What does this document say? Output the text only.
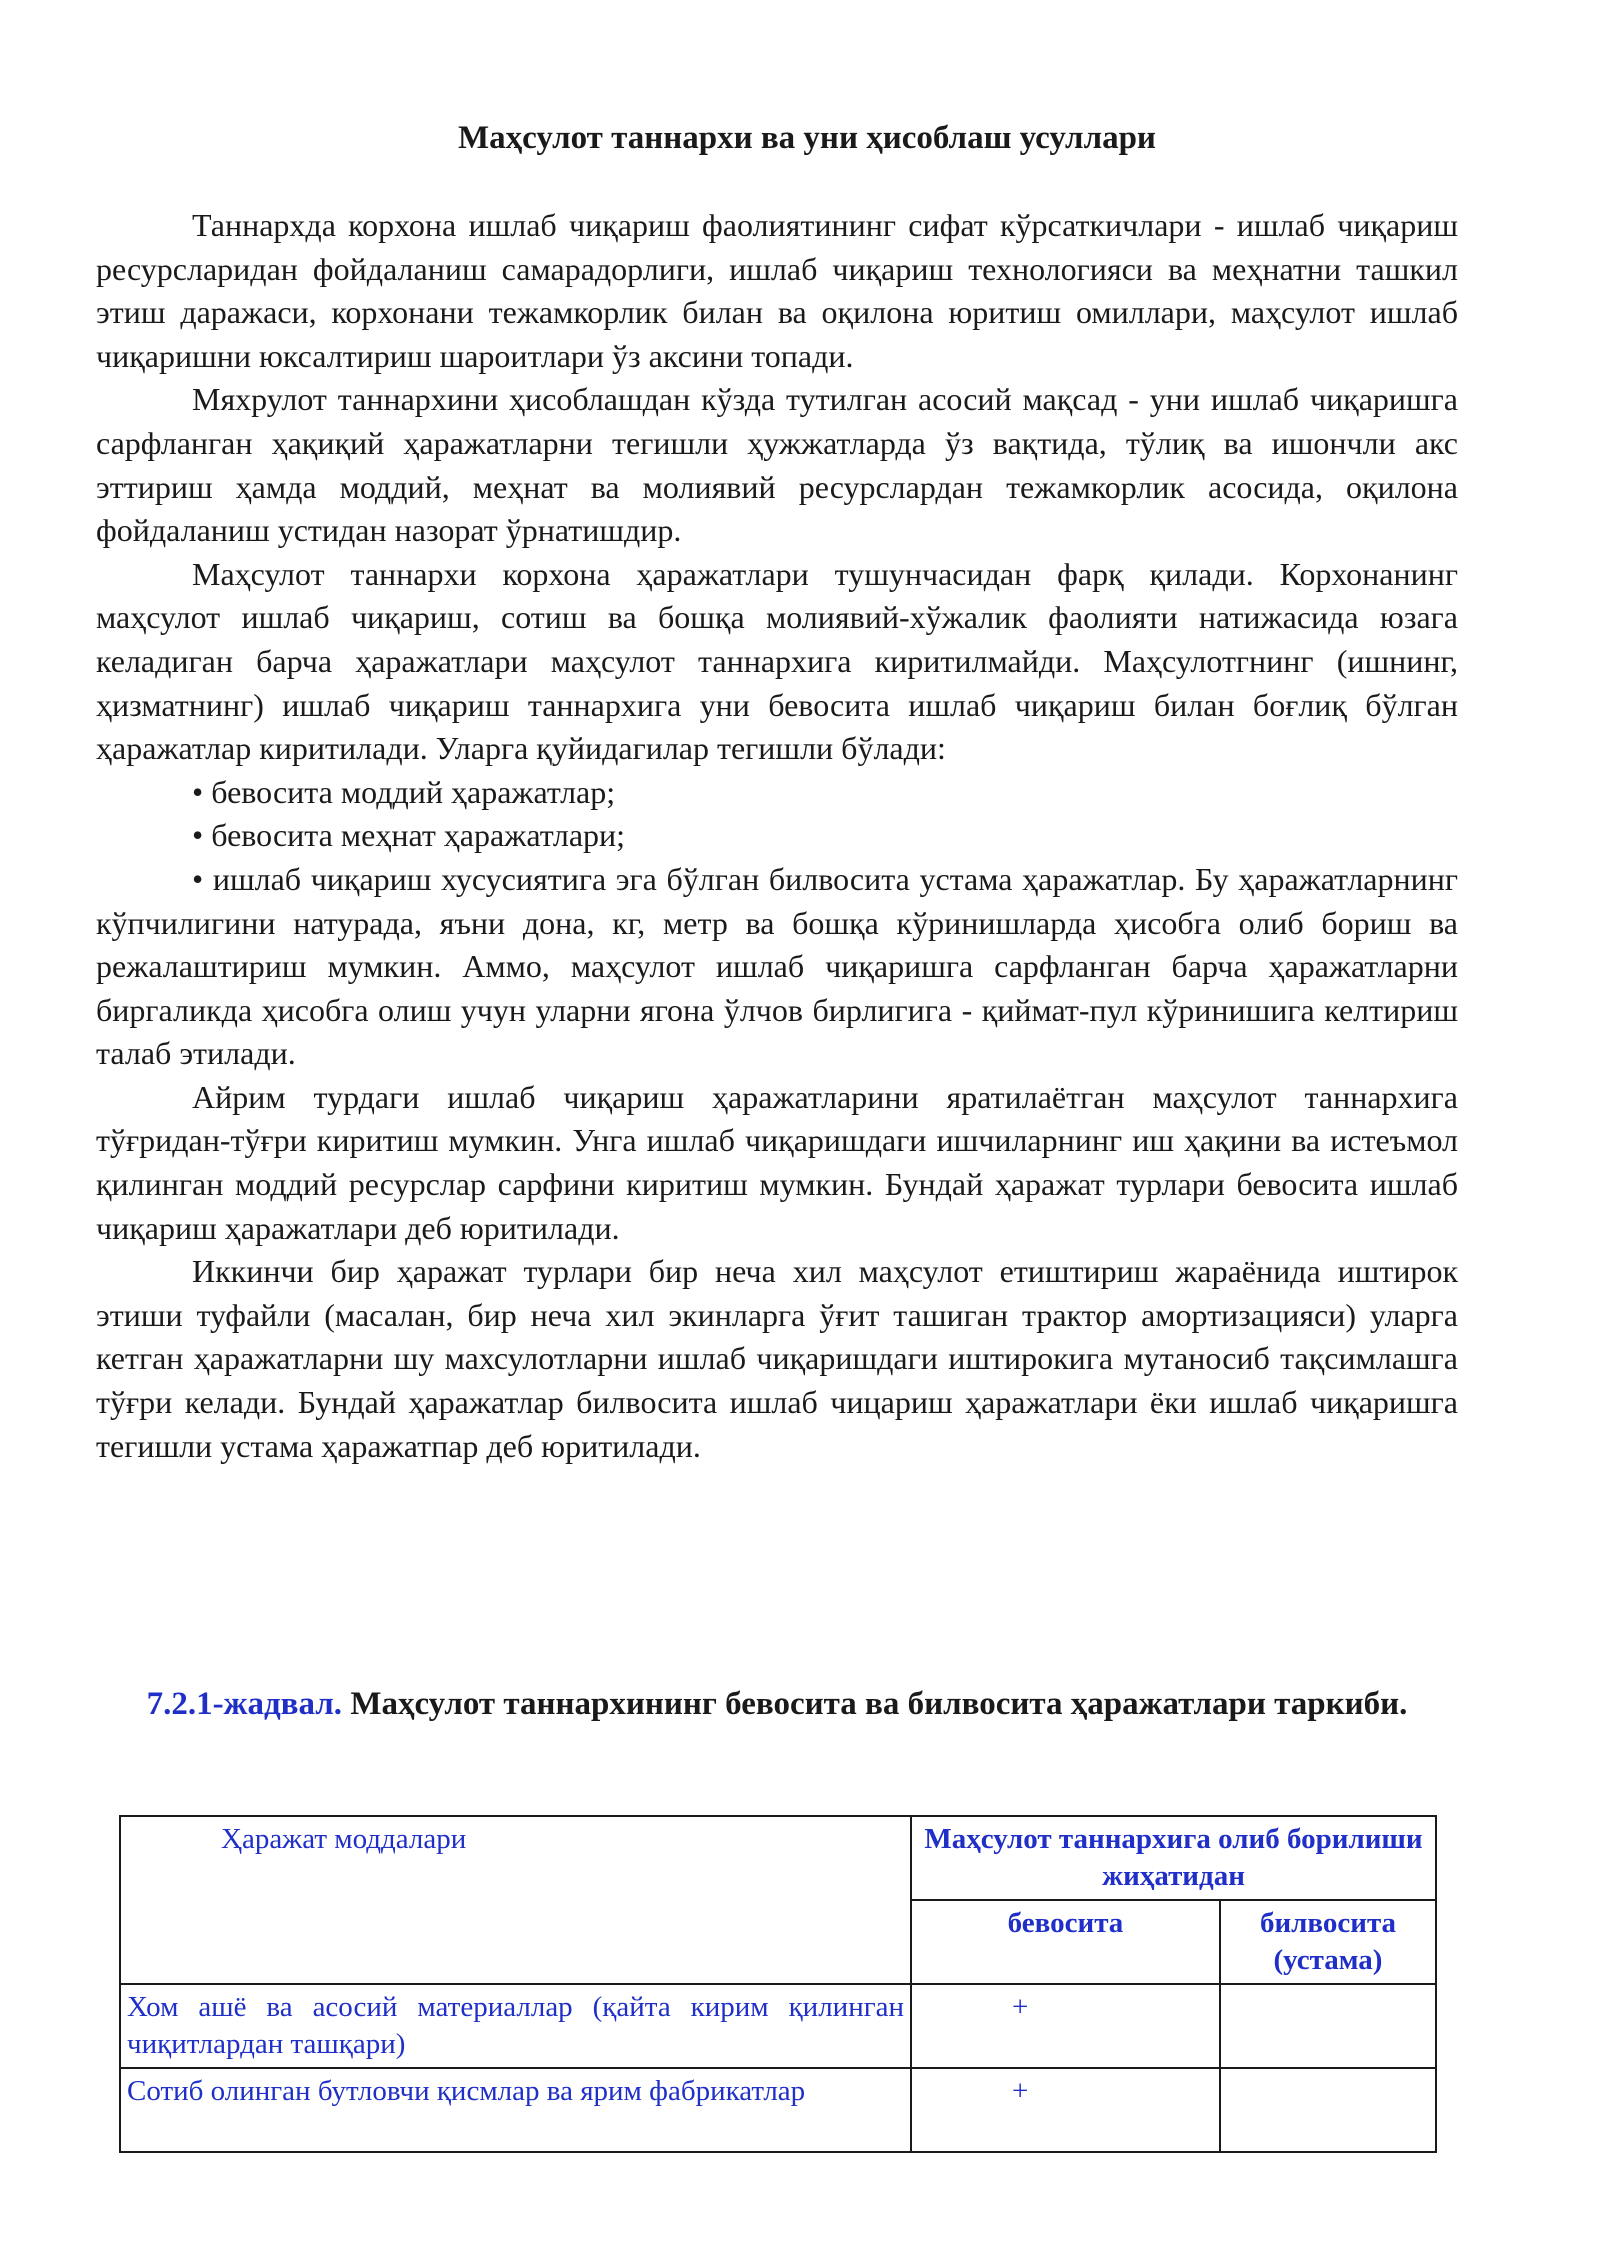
Маҳсулот таннархи ва уни ҳисоблаш усуллари

Таннархда корхона ишлаб чиқариш фаолиятининг сифат кўрсаткичлари - ишлаб чиқариш ресурсларидан фойдаланиш самарадорлиги, ишлаб чиқариш технологияси ва меҳнатни ташкил этиш даражаси, корхонани тежамкорлик билан ва оқилона юритиш омиллари, маҳсулот ишлаб чиқаришни юксалтириш шароитлари ўз аксини топади.

Мяхрулот таннархини ҳисоблашдан кўзда тутилган асосий мақсад - уни ишлаб чиқаришга сарфланган ҳақиқий ҳаражатларни тегишли ҳужжатларда ўз вақтида, тўлиқ ва ишончли акс эттириш ҳамда моддий, меҳнат ва молиявий ресурслардан тежамкорлик асосида, оқилона фойдаланиш устидан назорат ўрнатишдир.

Маҳсулот таннархи корхона ҳаражатлари тушунчасидан фарқ қилади. Корхонанинг маҳсулот ишлаб чиқариш, сотиш ва бошқа молиявий-хўжалик фаолияти натижасида юзага келадиган барча ҳаражатлари маҳсулот таннархига киритилмайди. Маҳсулотгнинг (ишнинг, ҳизматнинг) ишлаб чиқариш таннархига уни бевосита ишлаб чиқариш билан боғлиқ бўлган ҳаражатлар киритилади. Уларга қуйидагилар тегишли бўлади:

• бевосита моддий ҳаражатлар;

• бевосита меҳнат ҳаражатлари;

• ишлаб чиқариш хусусиятига эга бўлган билвосита устама ҳаражатлар. Бу ҳаражатларнинг кўпчилигини натурада, яъни дона, кг, метр ва бошқа кўринишларда ҳисобга олиб бориш ва режалаштириш мумкин. Аммо, маҳсулот ишлаб чиқаришга сарфланган барча ҳаражатларни биргаликда ҳисобга олиш учун уларни ягона ўлчов бирлигига - қиймат-пул кўринишига келтириш талаб этилади.

Айрим турдаги ишлаб чиқариш ҳаражатларини яратилаётган маҳсулот таннархига тўғридан-тўғри киритиш мумкин. Унга ишлаб чиқаришдаги ишчиларнинг иш ҳақини ва истеъмол қилинган моддий ресурслар сарфини киритиш мумкин. Бундай ҳаражат турлари бевосита ишлаб чиқариш ҳаражатлари деб юритилади.

Иккинчи бир ҳаражат турлари бир неча хил маҳсулот етиштириш жараёнида иштирок этиши туфайли (масалан, бир неча хил экинларга ўғит ташиган трактор амортизацияси) уларга кетган ҳаражатларни шу махсулотларни ишлаб чиқаришдаги иштирокига мутаносиб тақсимлашга тўғри келади. Бундай ҳаражатлар билвосита ишлаб чицариш ҳаражатлари ёки ишлаб чиқаришга тегишли устама ҳаражатпар деб юритилади.

7.2.1-жадвал. Маҳсулот таннархининг бевосита ва билвосита ҳаражатлари таркиби.
Ҳаражат моддалари	Маҳсулот таннархига олиб борилиши жиҳатидан	
	бевосита	билвосита (устама)
Хом ашё ва асосий материаллар (қайта кирим қилинган чиқитлардан ташқари)	+	
Сотиб олинган бутловчи қисмлар ва ярим фабрикатлар	+	
